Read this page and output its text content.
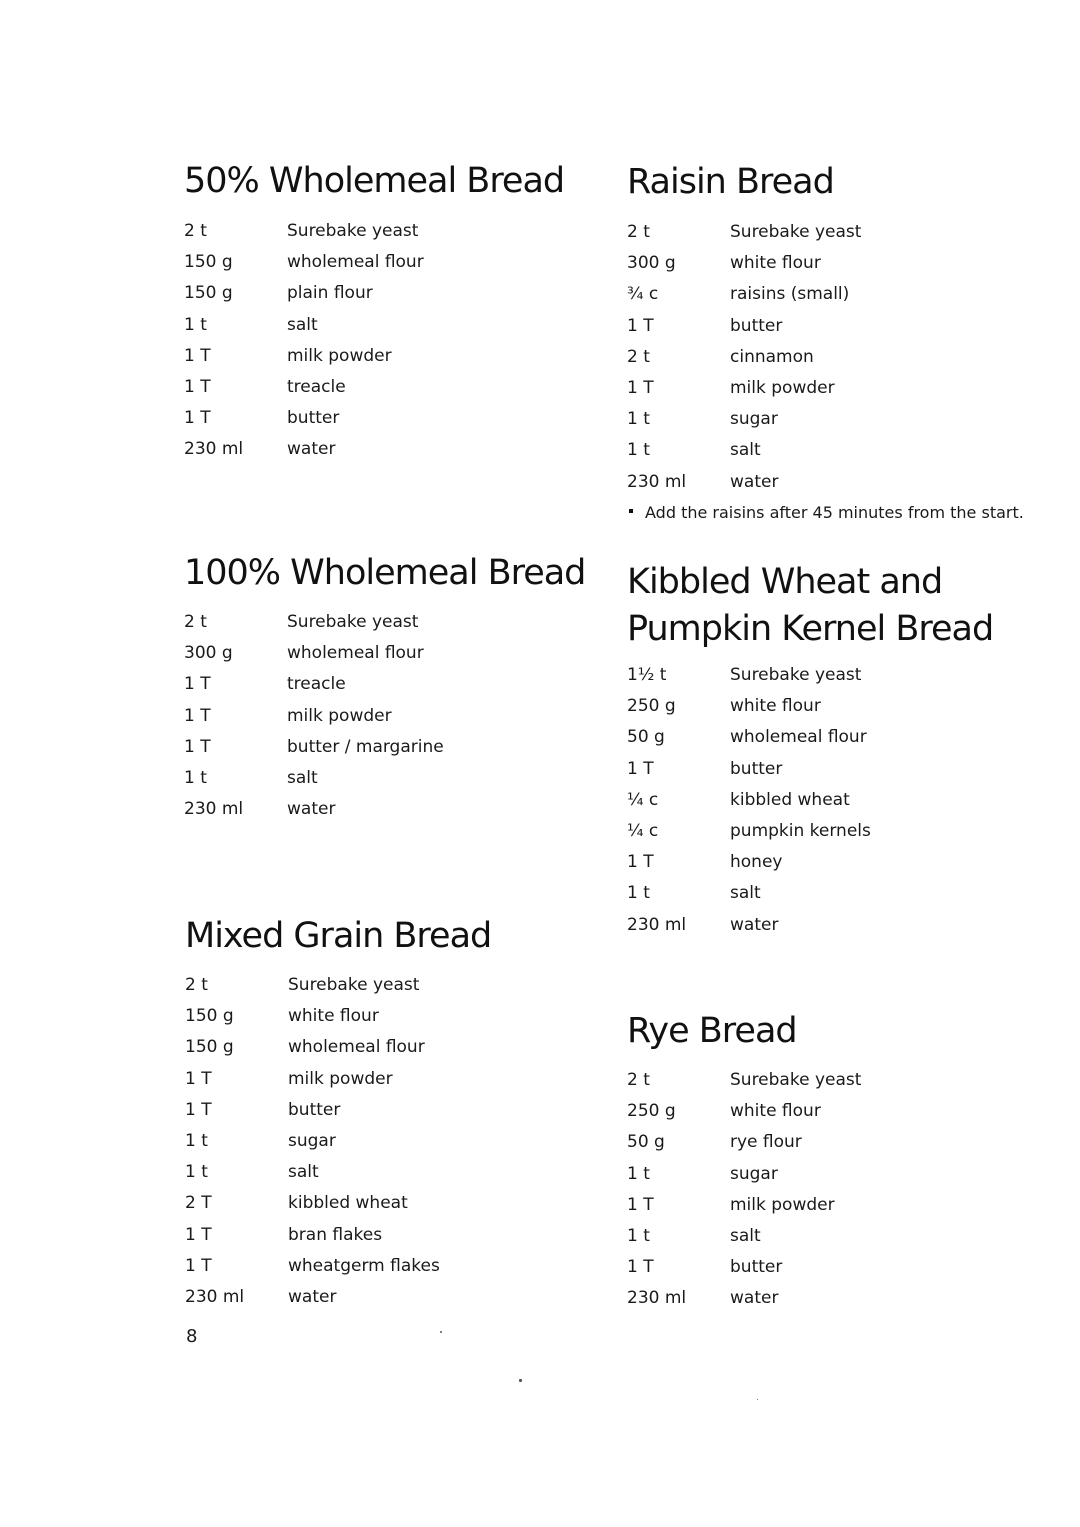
50% Wholemeal Bread
2 t	Surebake yeast
150 g	wholemeal flour
150 g	plain flour
1 t	salt
1 T	milk powder
1 T	treacle
1 T	butter
230 ml	water
100% Wholemeal Bread
2 t	Surebake yeast
300 g	wholemeal flour
1 T	treacle
1 T	milk powder
1 T	butter / margarine
1 t	salt
230 ml	water
Mixed Grain Bread
2 t	Surebake yeast
150 g	white flour
150 g	wholemeal flour
1 T	milk powder
1 T	butter
1 t	sugar
1 t	salt
2 T	kibbled wheat
1 T	bran flakes
1 T	wheatgerm flakes
230 ml	water
Raisin Bread
2 t	Surebake yeast
300 g	white flour
¾ c	raisins (small)
1 T	butter
2 t	cinnamon
1 T	milk powder
1 t	sugar
1 t	salt
230 ml	water
Add the raisins after 45 minutes from the start.
Kibbled Wheat and Pumpkin Kernel Bread
1½ t	Surebake yeast
250 g	white flour
50 g	wholemeal flour
1 T	butter
¼ c	kibbled wheat
¼ c	pumpkin kernels
1 T	honey
1 t	salt
230 ml	water
Rye Bread
2 t	Surebake yeast
250 g	white flour
50 g	rye flour
1 t	sugar
1 T	milk powder
1 t	salt
1 T	butter
230 ml	water
8
